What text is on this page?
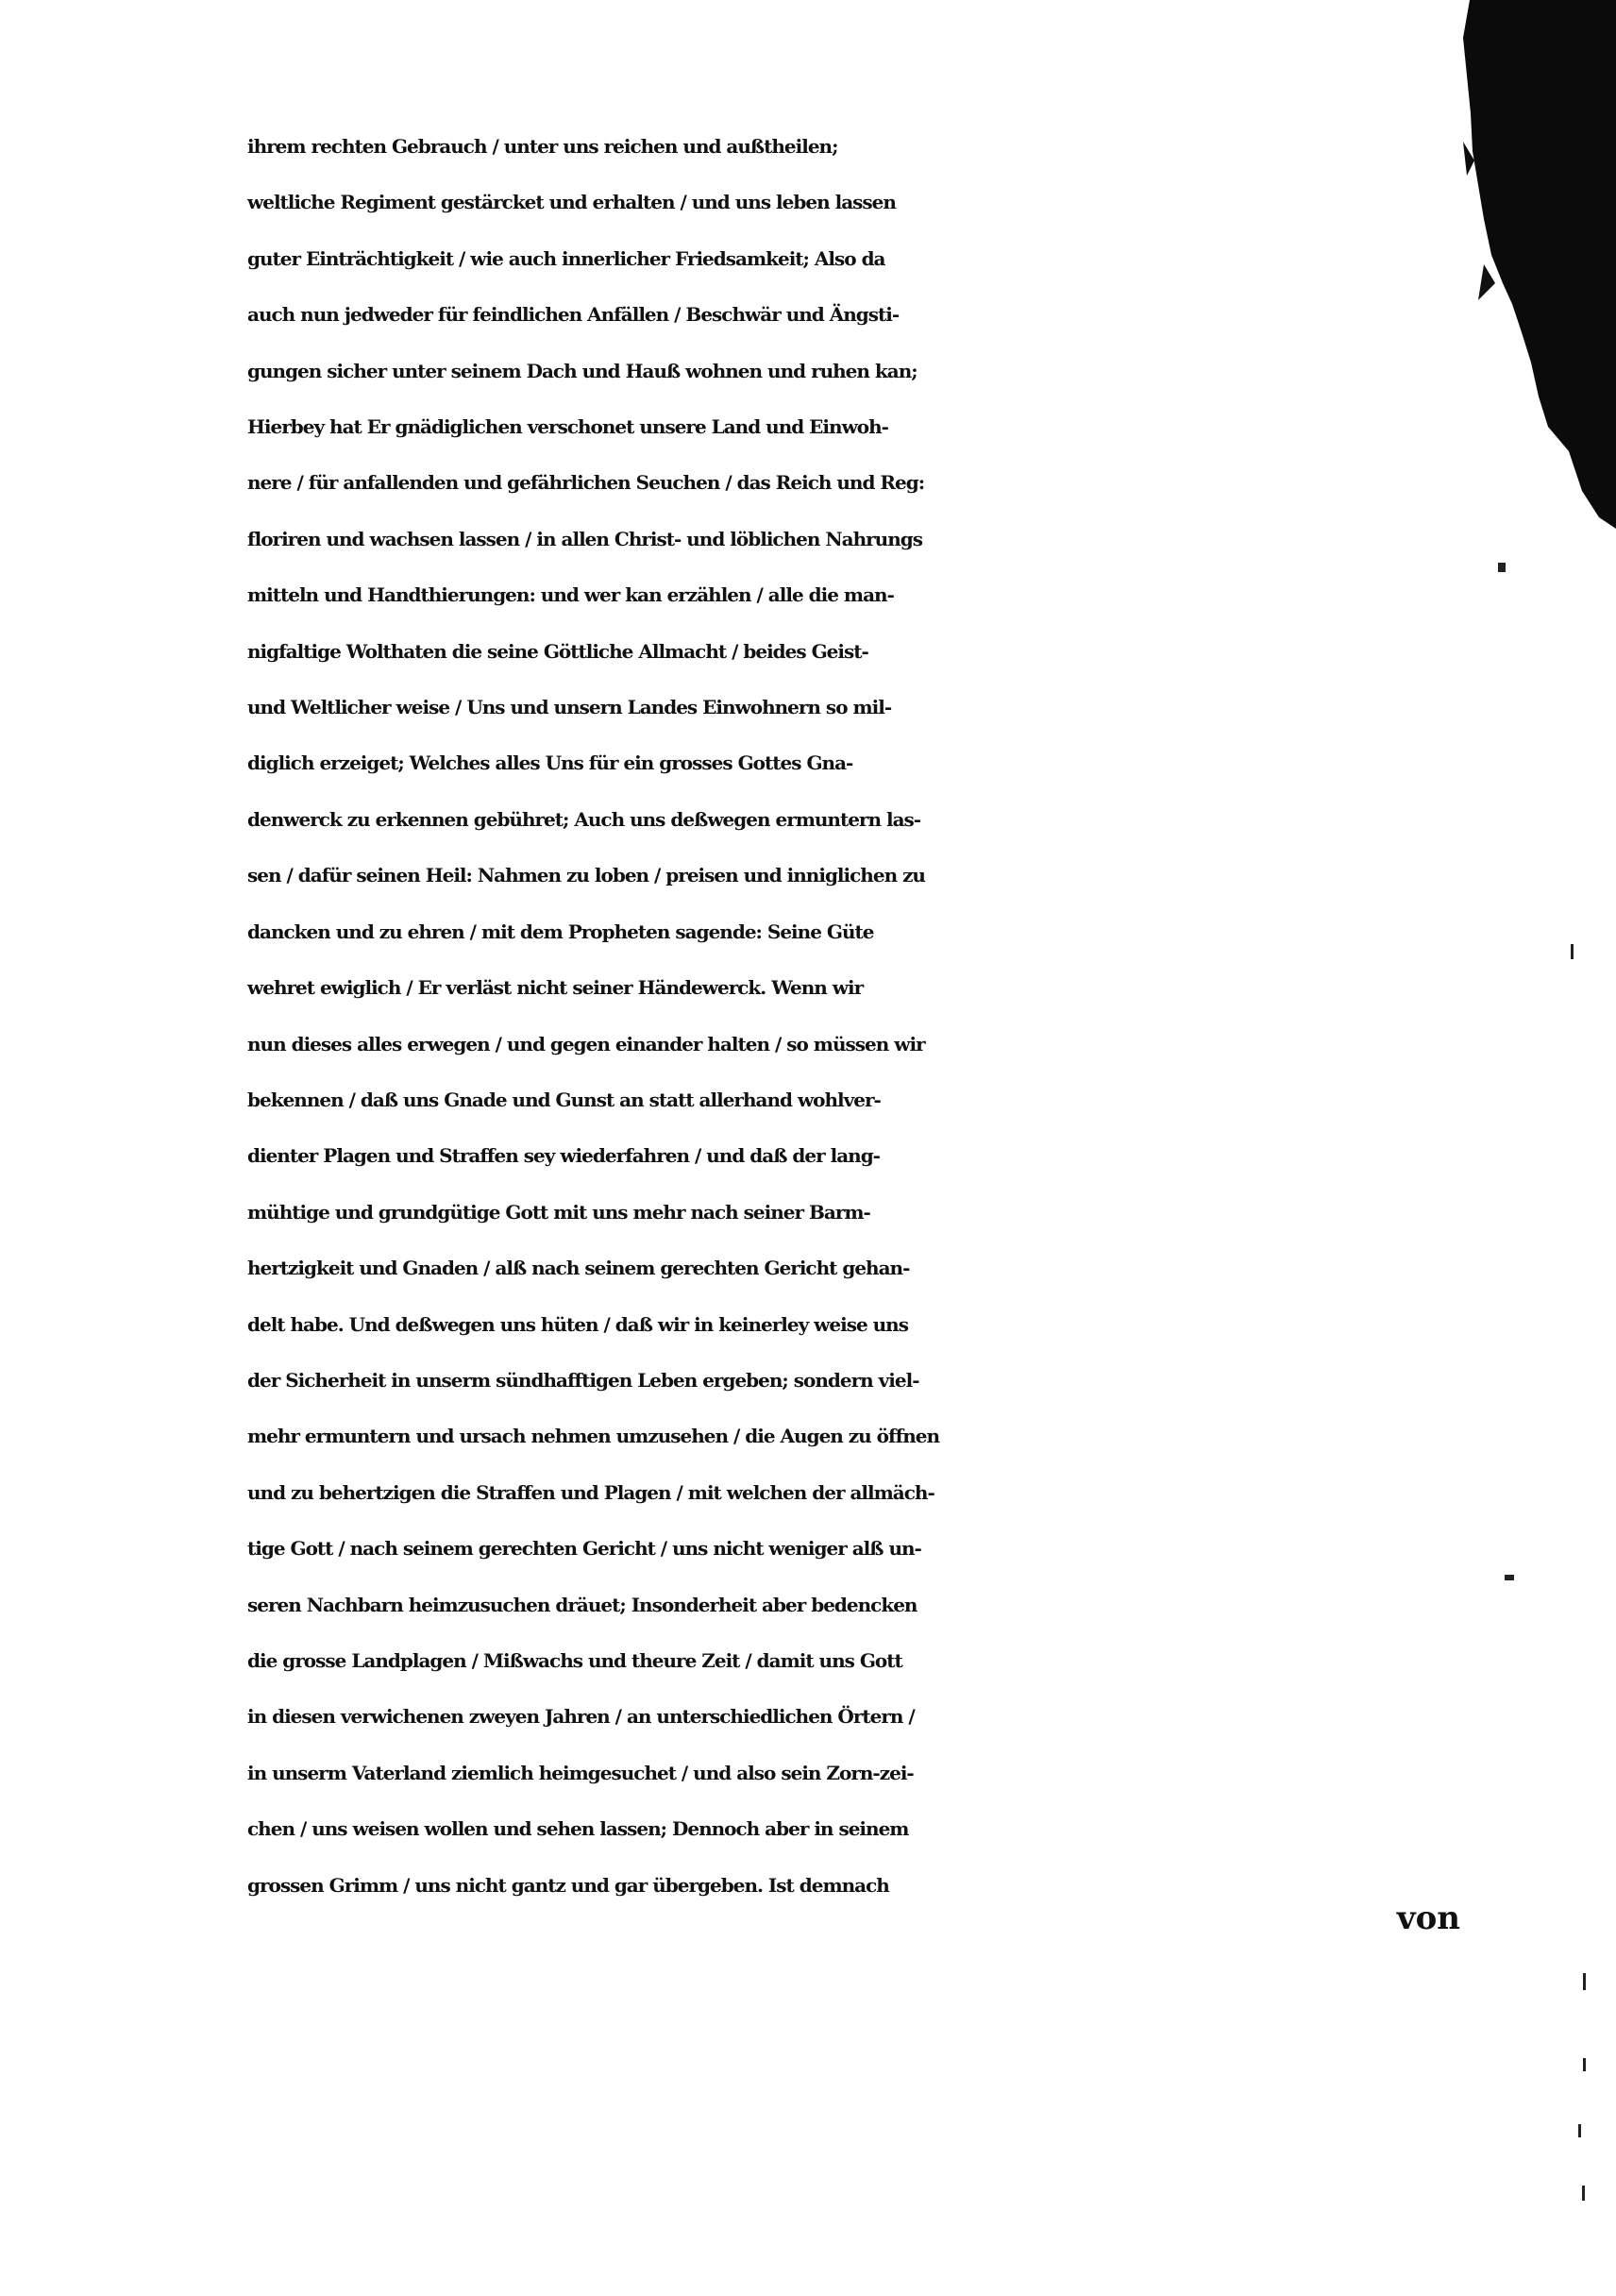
ihrem rechten Gebrauch / unter uns reichen und außtheilen;
weltliche Regiment gestärcket und erhalten / und uns leben lassen
guter Einträchtigkeit / wie auch innerlicher Friedsamkeit; Also da
auch nun jedweder für feindlichen Anfällen / Beschwär und Ängsti-
gungen sicher unter seinem Dach und Hauß wohnen und ruhen kan;
Hierbey hat Er gnädiglichen verschonet unsere Land und Einwoh-
nere / für anfallenden und gefährlichen Seuchen / das Reich und Reg:
floriren und wachsen lassen / in allen Christ- und löblichen Nahrungs
mitteln und Handthierungen: und wer kan erzählen / alle die man-
nigfaltige Wolthaten die seine Göttliche Allmacht / beides Geist-
und Weltlicher weise / Uns und unsern Landes Einwohnern so mil-
diglich erzeiget; Welches alles Uns für ein grosses Gottes Gna-
denwerck zu erkennen gebühret; Auch uns deßwegen ermuntern las-
sen / dafür seinen Heil: Nahmen zu loben / preisen und inniglichen zu
dancken und zu ehren / mit dem Propheten sagende: Seine Güte
wehret ewiglich / Er verläst nicht seiner Händewerck. Wenn wir
nun dieses alles erwegen / und gegen einander halten / so müssen wir
bekennen / daß uns Gnade und Gunst an statt allerhand wohlver-
dienter Plagen und Straffen sey wiederfahren / und daß der lang-
mühtige und grundgütige Gott mit uns mehr nach seiner Barm-
hertzigkeit und Gnaden / alß nach seinem gerechten Gericht gehan-
delt habe. Und deßwegen uns hüten / daß wir in keinerley weise uns
der Sicherheit in unserm sündhafftigen Leben ergeben; sondern viel-
mehr ermuntern und ursach nehmen umzusehen / die Augen zu öffnen
und zu behertzigen die Straffen und Plagen / mit welchen der allmäch-
tige Gott / nach seinem gerechten Gericht / uns nicht weniger alß un-
seren Nachbarn heimzusuchen dräuet; Insonderheit aber bedencken
die grosse Landplagen / Mißwachs und theure Zeit / damit uns Gott
in diesen verwichenen zweyen Jahren / an unterschiedlichen Örtern /
in unserm Vaterland ziemlich heimgesuchet / und also sein Zorn-zei-
chen / uns weisen wollen und sehen lassen; Dennoch aber in seinem
grossen Grimm / uns nicht gantz und gar übergeben. Ist demnach
von
